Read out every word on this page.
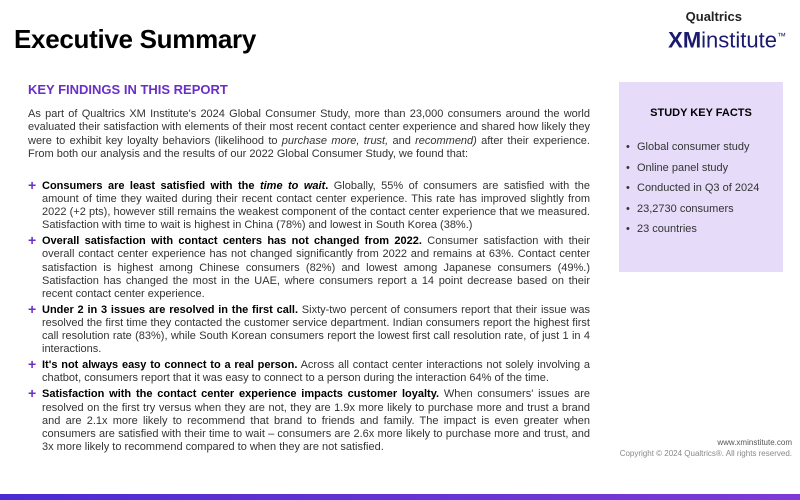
Executive Summary
Qualtrics
XMinstitute™
KEY FINDINGS IN THIS REPORT

As part of Qualtrics XM Institute's 2024 Global Consumer Study, more than 23,000 consumers around the world evaluated their satisfaction with elements of their most recent contact center experience and shared how likely they were to exhibit key loyalty behaviors (likelihood to purchase more, trust, and recommend) after their experience. From both our analysis and the results of our 2022 Global Consumer Study, we found that:

+ Consumers are least satisfied with the time to wait. Globally, 55% of consumers are satisfied with the amount of time they waited during their recent contact center experience. This rate has improved slightly from 2022 (+2 pts), however still remains the weakest component of the contact center experience that we measured. Satisfaction with time to wait is highest in China (78%) and lowest in South Korea (38%.)
+ Overall satisfaction with contact centers has not changed from 2022. Consumer satisfaction with their overall contact center experience has not changed significantly from 2022 and remains at 63%. Contact center satisfaction is highest among Chinese consumers (82%) and lowest among Japanese consumers (49%.) Satisfaction has changed the most in the UAE, where consumers report a 14 point decrease based on their recent contact center experience.
+ Under 2 in 3 issues are resolved in the first call. Sixty-two percent of consumers report that their issue was resolved the first time they contacted the customer service department. Indian consumers report the highest first call resolution rate (83%), while South Korean consumers report the lowest first call resolution rate, of just 1 in 4 interactions.
+ It's not always easy to connect to a real person. Across all contact center interactions not solely involving a chatbot, consumers report that it was easy to connect to a person during the interaction 64% of the time.
+ Satisfaction with the contact center experience impacts customer loyalty. When consumers' issues are resolved on the first try versus when they are not, they are 1.9x more likely to purchase more and trust a brand and are 2.1x more likely to recommend that brand to friends and family. The impact is even greater when consumers are satisfied with their time to wait – consumers are 2.6x more likely to purchase more and trust, and 3x more likely to recommend compared to when they are not satisfied.
STUDY KEY FACTS
• Global consumer study
• Online panel study
• Conducted in Q3 of 2024
• 23,2730 consumers
• 23 countries
www.xminstitute.com
Copyright © 2024 Qualtrics®. All rights reserved.
